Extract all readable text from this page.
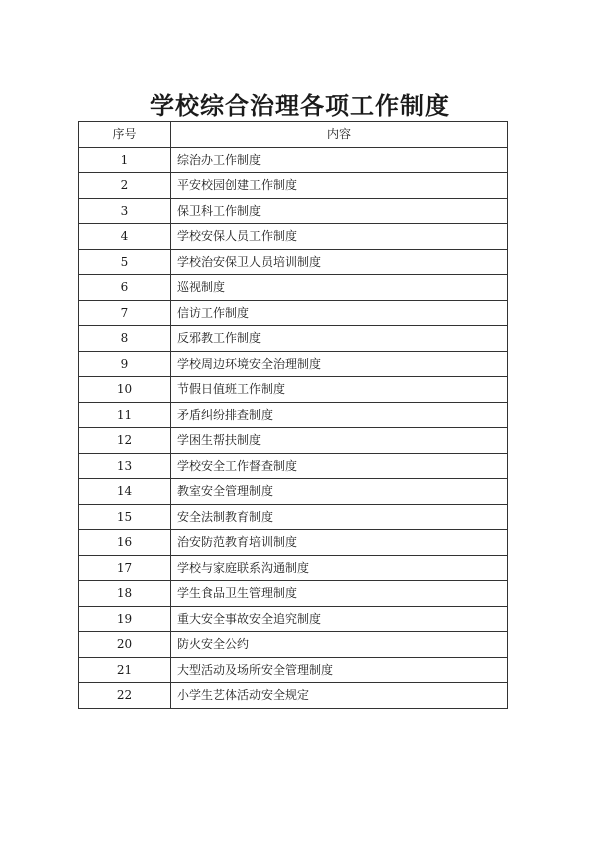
学校综合治理各项工作制度
序号	内容
1	综治办工作制度
2	平安校园创建工作制度
3	保卫科工作制度
4	学校安保人员工作制度
5	学校治安保卫人员培训制度
6	巡视制度
7	信访工作制度
8	反邪教工作制度
9	学校周边环境安全治理制度
10	节假日值班工作制度
11	矛盾纠纷排查制度
12	学困生帮扶制度
13	学校安全工作督查制度
14	教室安全管理制度
15	安全法制教育制度
16	治安防范教育培训制度
17	学校与家庭联系沟通制度
18	学生食品卫生管理制度
19	重大安全事故安全追究制度
20	防火安全公约
21	大型活动及场所安全管理制度
22	小学生艺体活动安全规定
